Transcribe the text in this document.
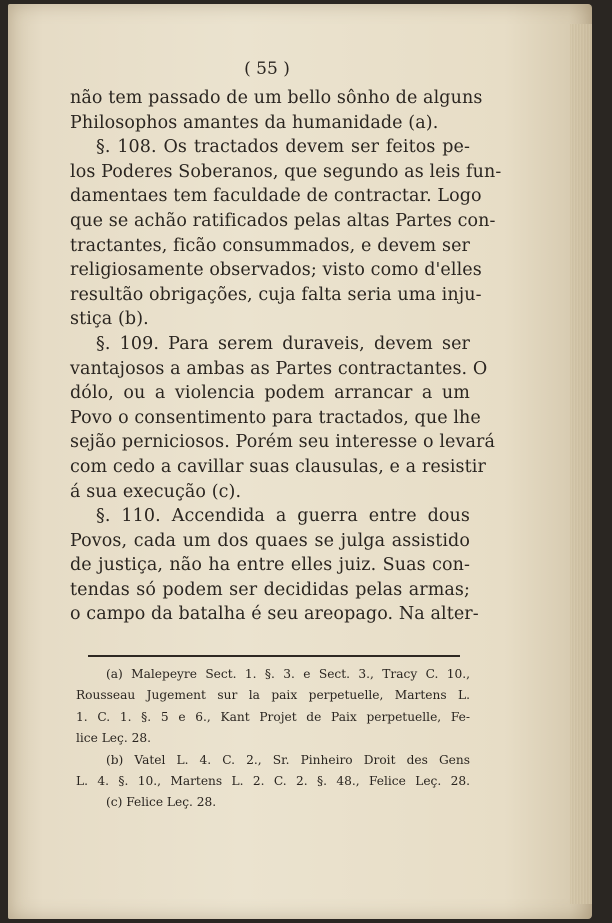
( 55 )
não tem passado de um bello sônho de alguns
Philosophos amantes da humanidade (a).
§. 108. Os tractados devem ser feitos pe-
los Poderes Soberanos, que segundo as leis fun-
damentaes tem faculdade de contractar. Logo
que se achão ratificados pelas altas Partes con-
tractantes, ficão consummados, e devem ser
religiosamente observados; visto como d'elles
resultão obrigações, cuja falta seria uma inju-
stiça (b).
§. 109. Para serem duraveis, devem ser
vantajosos a ambas as Partes contractantes. O
dólo, ou a violencia podem arrancar a um
Povo o consentimento para tractados, que lhe
sejão perniciosos. Porém seu interesse o levará
com cedo a cavillar suas clausulas, e a resistir
á sua execução (c).
§. 110. Accendida a guerra entre dous
Povos, cada um dos quaes se julga assistido
de justiça, não ha entre elles juiz. Suas con-
tendas só podem ser decididas pelas armas;
o campo da batalha é seu areopago. Na alter-
(a) Malepeyre Sect. 1. §. 3. e Sect. 3., Tracy C. 10.,
Rousseau Jugement sur la paix perpetuelle, Martens L.
1. C. 1. §. 5 e 6., Kant Projet de Paix perpetuelle, Fe-
lice Leç. 28.
(b) Vatel L. 4. C. 2., Sr. Pinheiro Droit des Gens
L. 4. §. 10., Martens L. 2. C. 2. §. 48., Felice Leç. 28.
(c) Felice Leç. 28.
